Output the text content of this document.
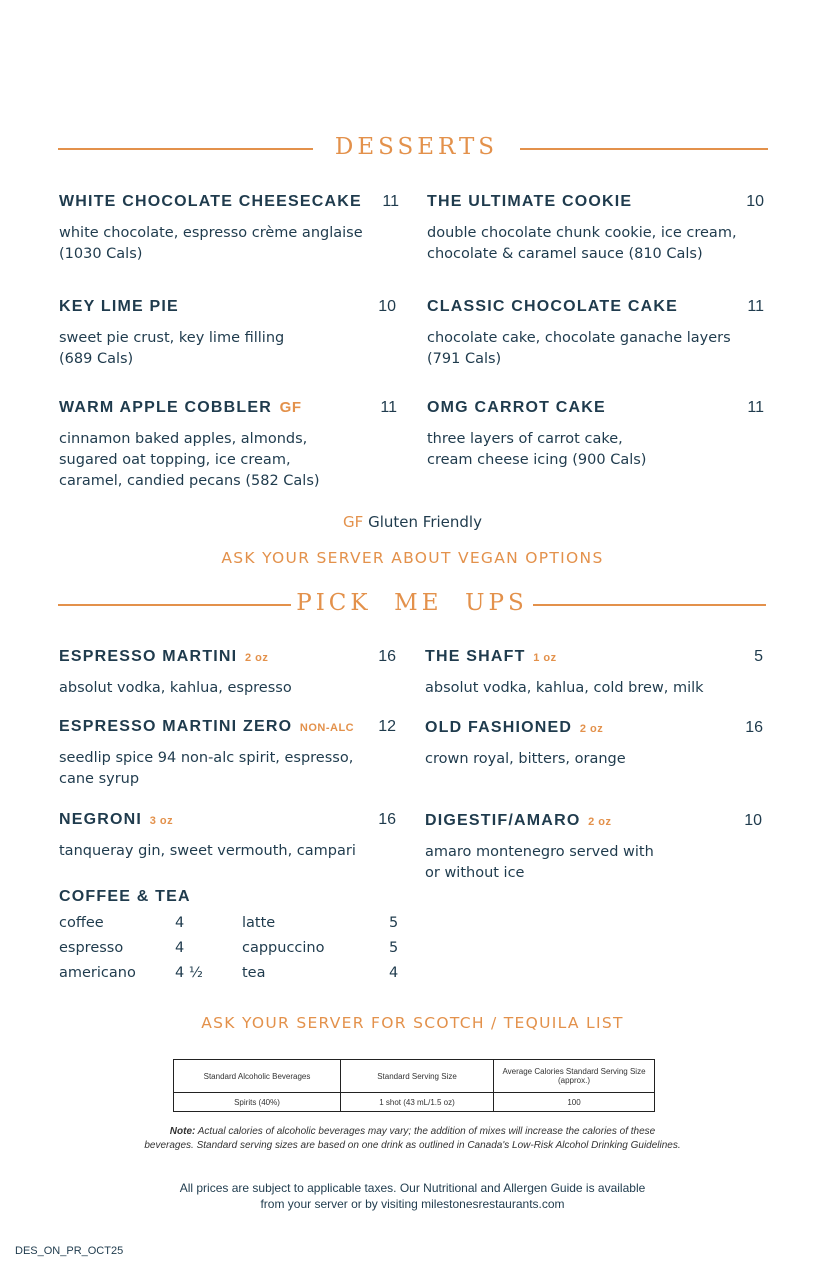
DESSERTS
WHITE CHOCOLATE CHEESECAKE	11
white chocolate, espresso crème anglaise
(1030 Cals)
THE ULTIMATE COOKIE	10
double chocolate chunk cookie, ice cream,
chocolate & caramel sauce (810 Cals)
KEY LIME PIE	10
sweet pie crust, key lime filling
(689 Cals)
CLASSIC CHOCOLATE CAKE	11
chocolate cake, chocolate ganache layers
(791 Cals)
WARM APPLE COBBLER GF	11
cinnamon baked apples, almonds,
sugared oat topping, ice cream,
caramel, candied pecans (582 Cals)
OMG CARROT CAKE	11
three layers of carrot cake,
cream cheese icing (900 Cals)
GF Gluten Friendly
ASK YOUR SERVER ABOUT VEGAN OPTIONS
PICK  ME  UPS
ESPRESSO MARTINI 2 oz	16
absolut vodka, kahlua, espresso
THE SHAFT 1 oz	5
absolut vodka, kahlua, cold brew, milk
ESPRESSO MARTINI ZERO NON-ALC	12
seedlip spice 94 non-alc spirit, espresso,
cane syrup
OLD FASHIONED 2 oz	16
crown royal, bitters, orange
NEGRONI 3 oz	16
tanqueray gin, sweet vermouth, campari
DIGESTIF/AMARO 2 oz	10
amaro montenegro served with
or without ice
COFFEE & TEA
coffee	4	latte	5
espresso	4	cappuccino	5
americano	4 ½	tea	4
ASK YOUR SERVER FOR SCOTCH / TEQUILA LIST
Standard Alcoholic Beverages	Standard Serving Size	Average Calories Standard Serving Size (approx.)
Spirits (40%)	1 shot (43 mL/1.5 oz)	100
Note: Actual calories of alcoholic beverages may vary; the addition of mixes will increase the calories of these
beverages. Standard serving sizes are based on one drink as outlined in Canada's Low-Risk Alcohol Drinking Guidelines.
All prices are subject to applicable taxes. Our Nutritional and Allergen Guide is available
from your server or by visiting milestonesrestaurants.com
DES_ON_PR_OCT25
